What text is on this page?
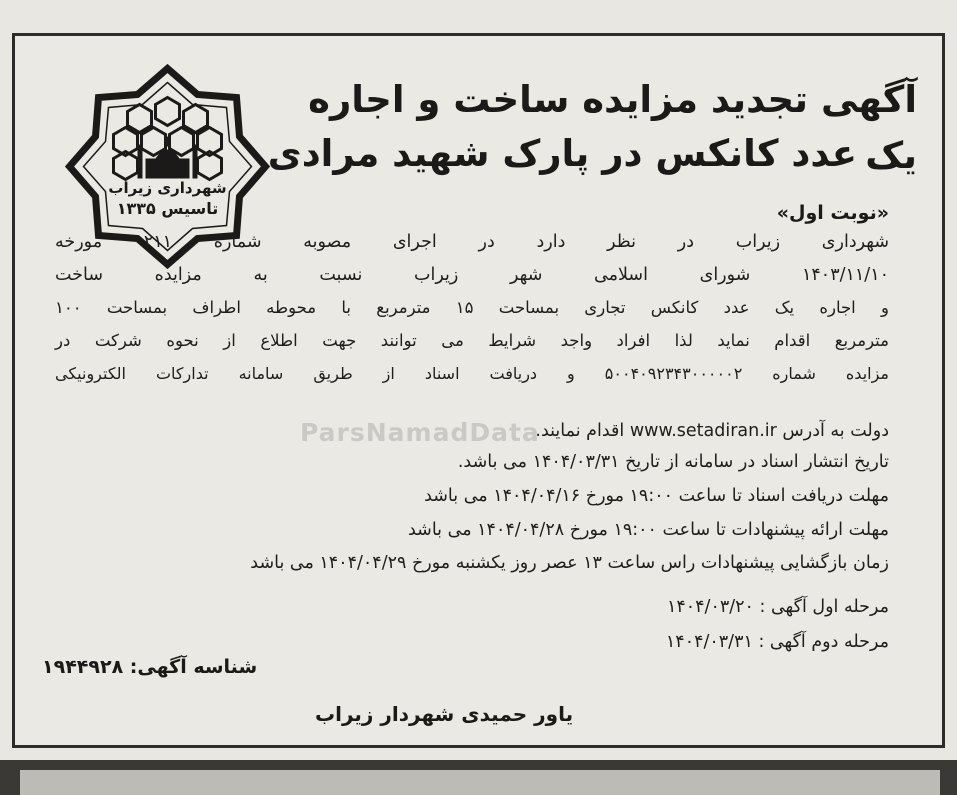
شهرداری زیراب
تاسیس ۱۳۳۵
آگهی تجدید مزایده ساخت و اجاره یک
عدد کانکس در پارک شهید مرادی
«نوبت اول»
ParsNamadData
شهرداری زیراب در نظر دارد در اجرای مصوبه شماره ۲۱۱ مورخه
۱۴۰۳/۱۱/۱۰ شورای اسلامی شهر زیراب نسبت به مزایده ساخت
و اجاره یک عدد کانکس تجاری بمساحت ۱۵ مترمربع با محوطه اطراف بمساحت ۱۰۰
مترمربع اقدام نماید لذا افراد واجد شرایط می توانند جهت اطلاع از نحوه شرکت در
مزایده شماره ۵۰۰۴۰۹۲۳۴۳۰۰۰۰۰۲ و دریافت اسناد از طریق سامانه تدارکات الکترونیکی
دولت به آدرس www.setadiran.ir اقدام نمایند.
تاریخ انتشار اسناد در سامانه از تاریخ ۱۴۰۴/۰۳/۳۱ می باشد.
مهلت دریافت اسناد تا ساعت ۱۹:۰۰ مورخ ۱۴۰۴/۰۴/۱۶ می باشد
مهلت ارائه پیشنهادات تا ساعت ۱۹:۰۰ مورخ ۱۴۰۴/۰۴/۲۸ می باشد
زمان بازگشایی پیشنهادات راس ساعت ۱۳ عصر روز یکشنبه مورخ ۱۴۰۴/۰۴/۲۹ می باشد
مرحله اول آگهی : ۱۴۰۴/۰۳/۲۰
مرحله دوم آگهی : ۱۴۰۴/۰۳/۳۱
شناسه آگهی: ۱۹۴۴۹۲۸
یاور حمیدی شهردار زیراب
